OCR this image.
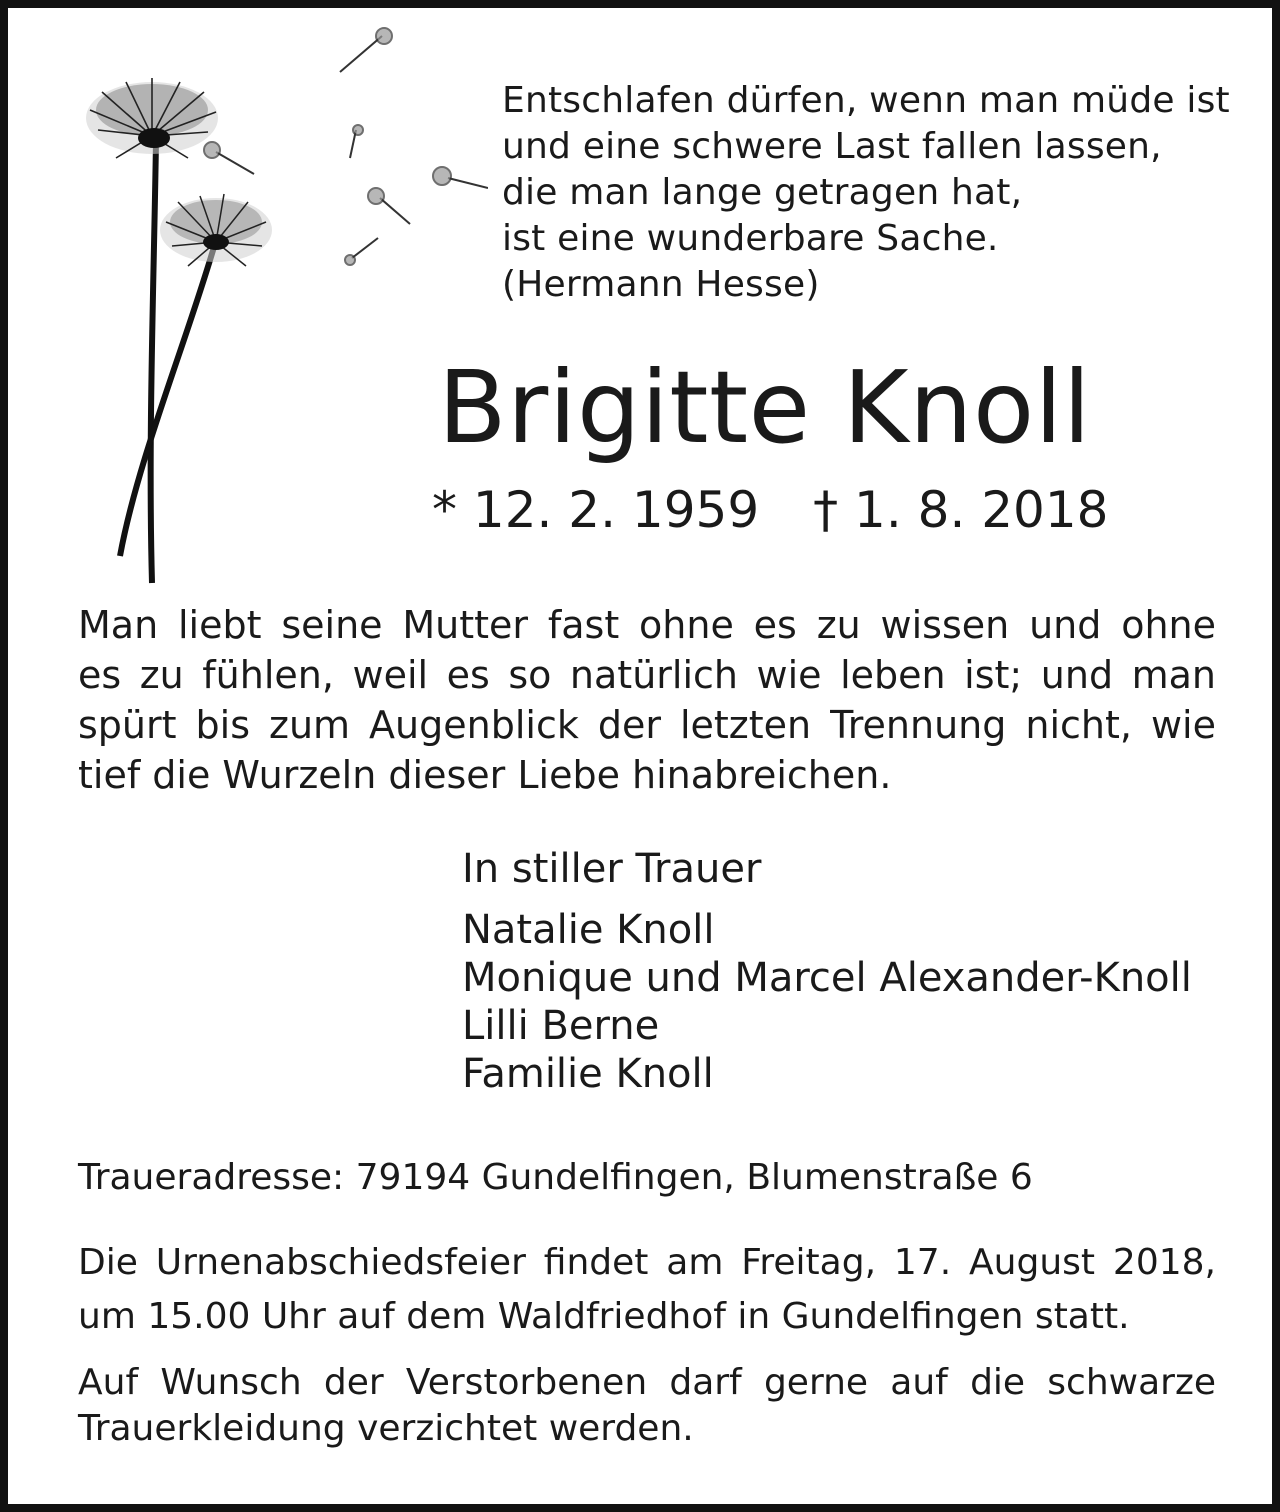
Entschlafen dürfen, wenn man müde ist
und eine schwere Last fallen lassen,
die man lange getragen hat,
ist eine wunderbare Sache.
(Hermann Hesse)
Brigitte Knoll
* 12. 2. 1959 † 1. 8. 2018
Man liebt seine Mutter fast ohne es zu wissen und ohne
es zu fühlen, weil es so natürlich wie leben ist; und man
spürt bis zum Augenblick der letzten Trennung nicht, wie
tief die Wurzeln dieser Liebe hinabreichen.
In stiller Trauer
Natalie Knoll
Monique und Marcel Alexander-Knoll
Lilli Berne
Familie Knoll
Traueradresse: 79194 Gundelfingen, Blumenstraße 6
Die Urnenabschiedsfeier findet am Freitag, 17. August 2018,
um 15.00 Uhr auf dem Waldfriedhof in Gundelfingen statt.
Auf Wunsch der Verstorbenen darf gerne auf die schwarze
Trauerkleidung verzichtet werden.
